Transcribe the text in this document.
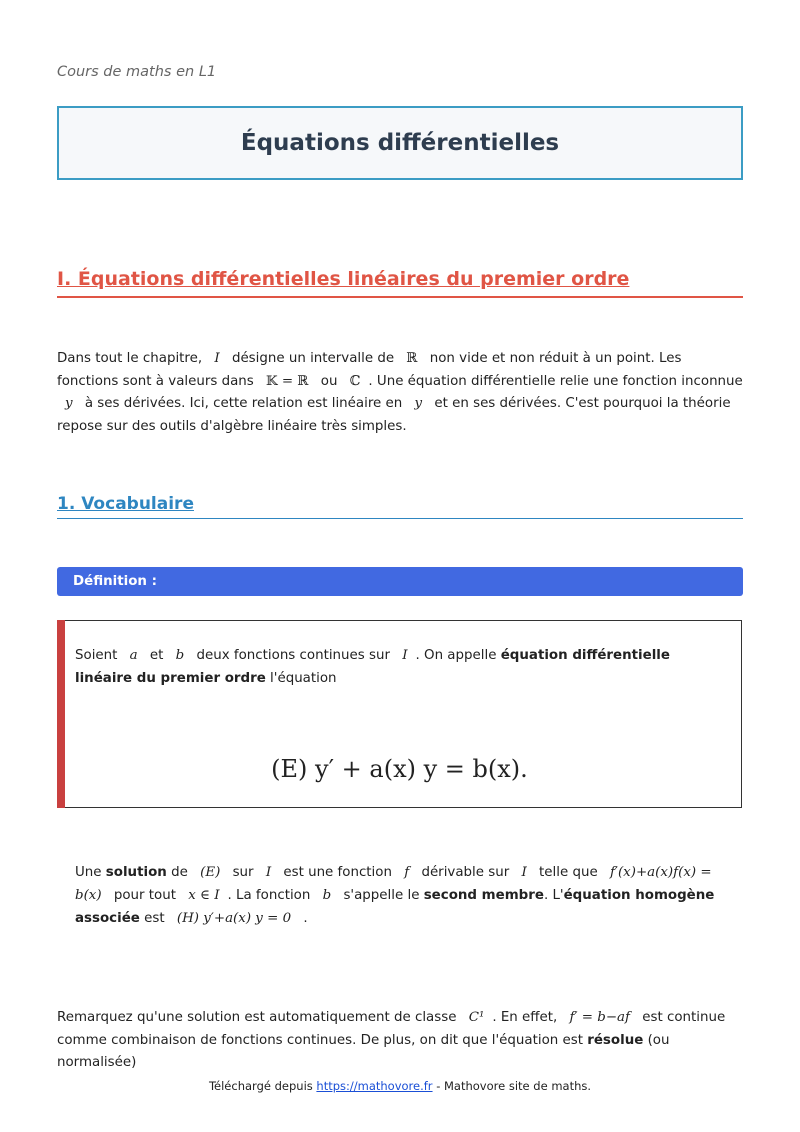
Cours de maths en L1
Équations différentielles
I. Équations différentielles linéaires du premier ordre
Dans tout le chapitre, I désigne un intervalle de ℝ non vide et non réduit à un point. Les fonctions sont à valeurs dans 𝕂 = ℝ ou ℂ . Une équation différentielle relie une fonction inconnue y à ses dérivées. Ici, cette relation est linéaire en y et en ses dérivées. C'est pourquoi la théorie repose sur des outils d'algèbre linéaire très simples.
1. Vocabulaire
Définition :
Soient a et b deux fonctions continues sur I . On appelle équation différentielle linéaire du premier ordre l'équation
(E) y′ + a(x) y = b(x).
Une solution de (E) sur I est une fonction f dérivable sur I telle que f′(x)+a(x)f(x) = b(x) pour tout x ∈ I . La fonction b s'appelle le second membre. L'équation homogène associée est (H) y′+a(x) y = 0 .
Remarquez qu'une solution est automatiquement de classe C¹ . En effet, f′ = b−af est continue comme combinaison de fonctions continues. De plus, on dit que l'équation est résolue (ou normalisée)
Téléchargé depuis https://mathovore.fr - Mathovore site de maths.
